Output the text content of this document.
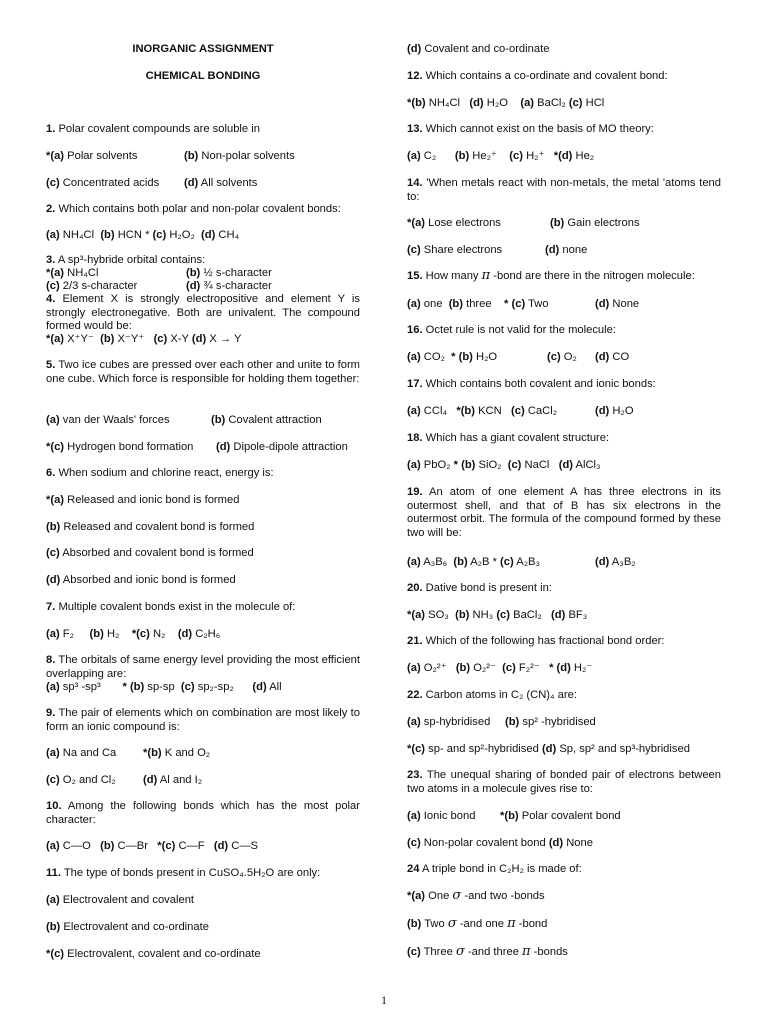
INORGANIC ASSIGNMENT
CHEMICAL BONDING
1. Polar covalent compounds are soluble in
*(a) Polar solvents	(b) Non-polar solvents
(c) Concentrated acids (d) All solvents
2. Which contains both polar and non-polar covalent bonds:
(a) NH₄Cl (b) HCN * (c) H₂O₂ (d) CH₄
3. A sp³-hybride orbital contains:
*(a) NH₄Cl	(b) ½ s-character
(c) 2/3 s-character	(d) ¾ s-character
4. Element X is strongly electropositive and element Y is strongly electronegative. Both are univalent. The compound formed would be:
*(a) X⁺Y⁻ (b) X⁻Y⁺ (c) X-Y (d) X → Y
5. Two ice cubes are pressed over each other and unite to form one cube. Which force is responsible for holding them together:
(a) van der Waals' forces	(b) Covalent attraction
*(c) Hydrogen bond formation (d) Dipole-dipole attraction
6. When sodium and chlorine react, energy is:
*(a) Released and ionic bond is formed
(b) Released and covalent bond is formed
(c) Absorbed and covalent bond is formed
(d) Absorbed and ionic bond is formed
7. Multiple covalent bonds exist in the molecule of:
(a) F₂ (b) H₂ *(c) N₂ (d) C₂H₆
8. The orbitals of same energy level providing the most efficient overlapping are:
(a) sp³ -sp³ * (b) sp-sp (c) sp₂-sp₂ (d) All
9. The pair of elements which on combination are most likely to form an ionic compound is:
(a) Na and Ca *(b) K and O₂
(c) O₂ and Cl₂ (d) Al and I₂
10. Among the following bonds which has the most polar character:
(a) C—O (b) C—Br *(c) C—F (d) C—S
11. The type of bonds present in CuSO₄.5H₂O are only:
(a) Electrovalent and covalent
(b) Electrovalent and co-ordinate
*(c) Electrovalent, covalent and co-ordinate
(d) Covalent and co-ordinate
12. Which contains a co-ordinate and covalent bond:
*(b) NH₄Cl (d) H₂O (a) BaCl₂ (c) HCl
13. Which cannot exist on the basis of MO theory:
(a) C₂ (b) He₂⁺ (c) H₂⁺ *(d) He₂
14. 'When metals react with non-metals, the metal 'atoms tend to:
*(a) Lose electrons	(b) Gain electrons
(c) Share electrons	(d) none
15. How many π -bond are there in the nitrogen molecule:
(a) one (b) three * (c) Two	(d) None
16. Octet rule is not valid for the molecule:
(a) CO₂ * (b) H₂O	(c) O₂ (d) CO
17. Which contains both covalent and ionic bonds:
(a) CCl₄ *(b) KCN (c) CaCl₂	(d) H₂O
18. Which has a giant covalent structure:
(a) PbO₂ * (b) SiO₂ (c) NaCl (d) AlCl₃
19. An atom of one element A has three electrons in its outermost shell, and that of B has six electrons in the outermost orbit. The formula of the compound formed by these two will be:
(a) A₃B₆ (b) A₂B * (c) A₂B₃	(d) A₃B₂
20. Dative bond is present in:
*(a) SO₃ (b) NH₃ (c) BaCl₂ (d) BF₃
21. Which of the following has fractional bond order:
(a) O₂²⁺ (b) O₂²⁻ (c) F₂²⁻ * (d) H₂⁻
22. Carbon atoms in C₂ (CN)₄ are:
(a) sp-hybridised (b) sp² -hybridised
*(c) sp- and sp²-hybridised (d) Sp, sp² and sp³-hybridised
23. The unequal sharing of bonded pair of electrons between two atoms in a molecule gives rise to:
(a) Ionic bond *(b) Polar covalent bond
(c) Non-polar covalent bond (d) None
24 A triple bond in C₂H₂ is made of:
*(a) One σ -and two -bonds
(b) Two σ -and one π -bond
(c) Three σ -and three π -bonds
1
